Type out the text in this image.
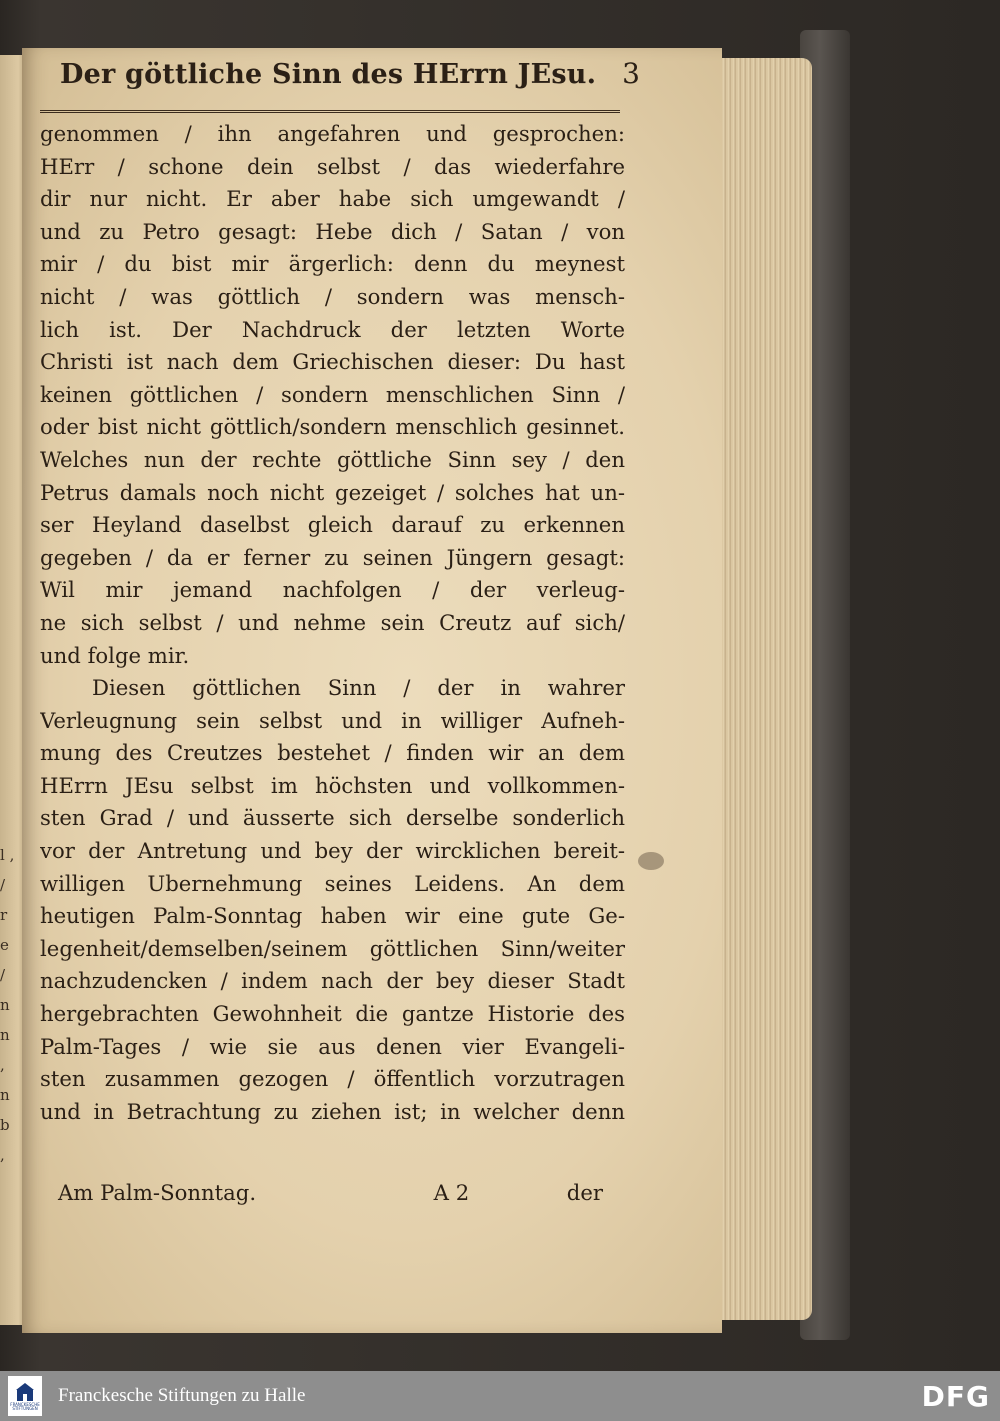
l , / r e / n n , n b ,
Der göttliche Sinn des HErrn JEsu. 3
genommen / ihn angefahren und gesprochen:
HErr / schone dein selbst / das wiederfahre
dir nur nicht. Er aber habe sich umgewandt /
und zu Petro gesagt: Hebe dich / Satan / von
mir / du bist mir ärgerlich: denn du meynest
nicht / was göttlich / sondern was mensch-
lich ist. Der Nachdruck der letzten Worte
Christi ist nach dem Griechischen dieser: Du hast
keinen göttlichen / sondern menschlichen Sinn /
oder bist nicht göttlich/sondern menschlich gesinnet.
Welches nun der rechte göttliche Sinn sey / den
Petrus damals noch nicht gezeiget / solches hat un-
ser Heyland daselbst gleich darauf zu erkennen
gegeben / da er ferner zu seinen Jüngern gesagt:
Wil mir jemand nachfolgen / der verleug-
ne sich selbst / und nehme sein Creutz auf sich/
und folge mir.
Diesen göttlichen Sinn / der in wahrer
Verleugnung sein selbst und in williger Aufneh-
mung des Creutzes bestehet / finden wir an dem
HErrn JEsu selbst im höchsten und vollkommen-
sten Grad / und äusserte sich derselbe sonderlich
vor der Antretung und bey der wircklichen bereit-
willigen Ubernehmung seines Leidens. An dem
heutigen Palm-Sonntag haben wir eine gute Ge-
legenheit/demselben/seinem göttlichen Sinn/weiter
nachzudencken / indem nach der bey dieser Stadt
hergebrachten Gewohnheit die gantze Historie des
Palm-Tages / wie sie aus denen vier Evangeli-
sten zusammen gezogen / öffentlich vorzutragen
und in Betrachtung zu ziehen ist; in welcher denn
Am Palm-Sonntag.	A 2	der
FRANCKESCHE
STIFTUNGEN
Franckesche Stiftungen zu Halle	DFG
